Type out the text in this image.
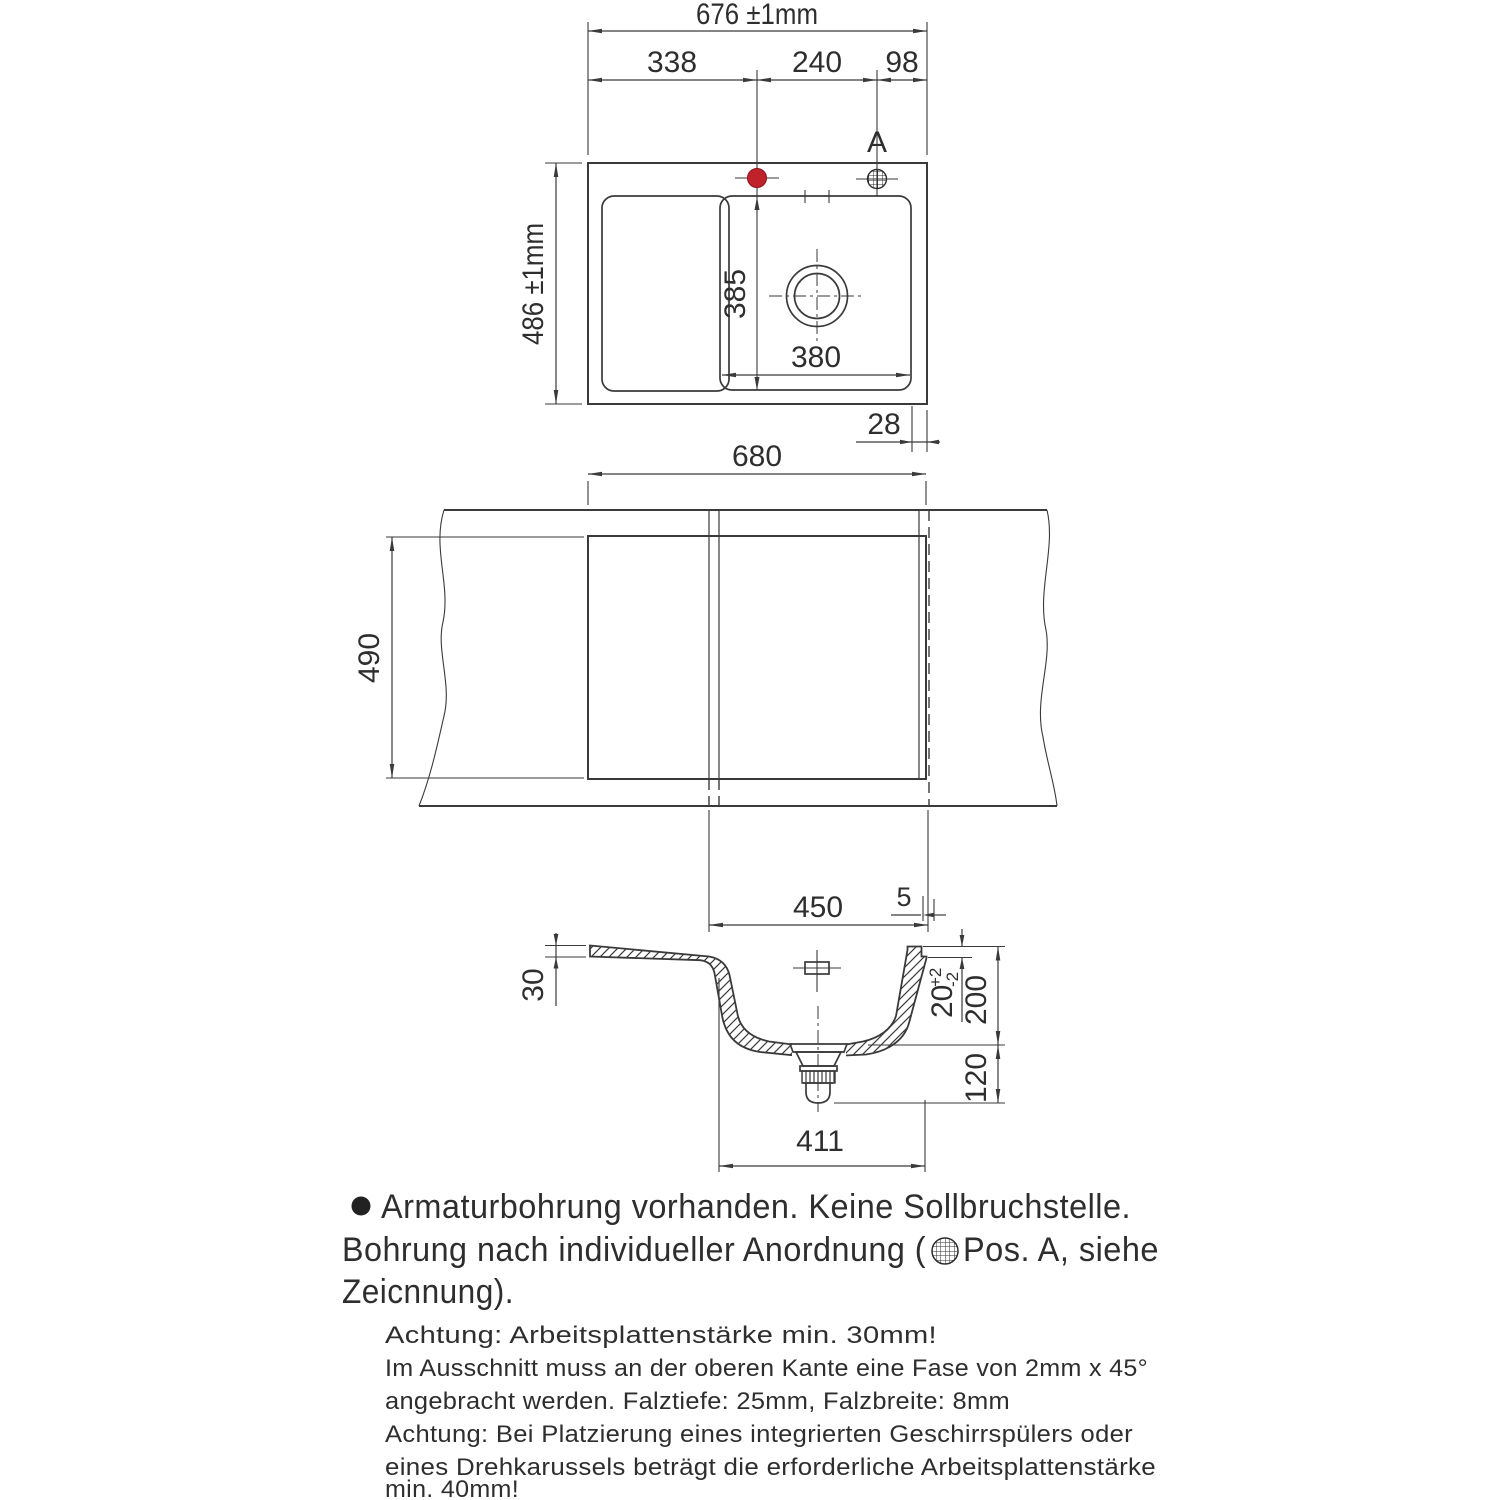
676 ±1mm
338	240 98
385
380
A
486 ±1mm
28
680
490
450 5
30	20
+2
-2
200
120
411
Armaturbohrung vorhanden. Keine Sollbruchstelle.
Bohrung nach individueller Anordnung ( Pos. A, siehe
Zeicnnung).
Achtung: Arbeitsplattenstärke min. 30mm!
Im Ausschnitt muss an der oberen Kante eine Fase von 2mm x 45°
angebracht werden. Falztiefe: 25mm, Falzbreite: 8mm
Achtung: Bei Platzierung eines integrierten Geschirrspülers oder
eines Drehkarussels beträgt die erforderliche Arbeitsplattenstärke
min. 40mm!
